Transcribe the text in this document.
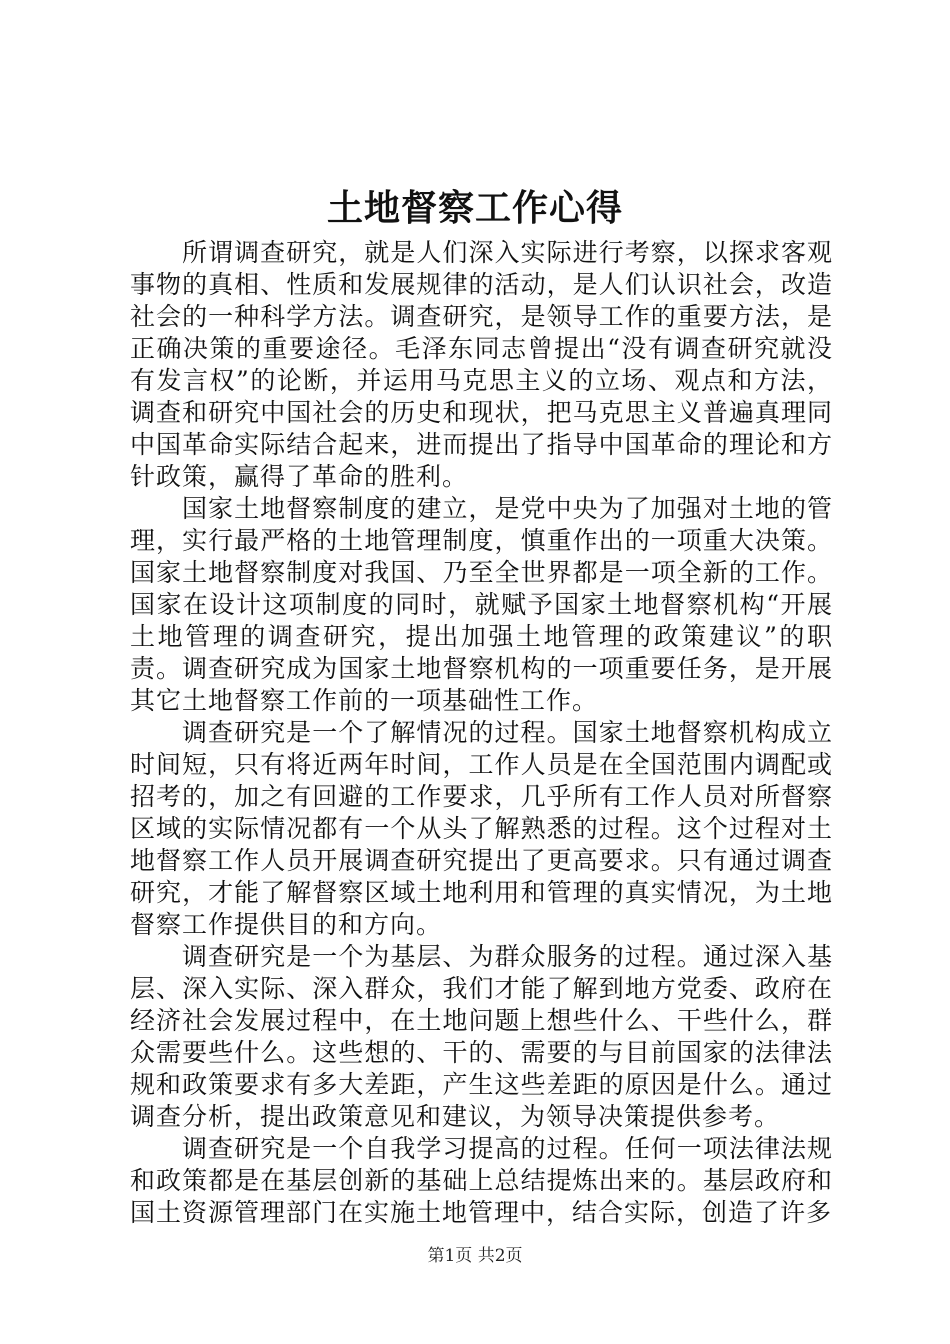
土地督察工作心得

所谓调查研究，就是人们深入实际进行考察，以探求客观事物的真相、性质和发展规律的活动，是人们认识社会，改造社会的一种科学方法。调查研究，是领导工作的重要方法，是正确决策的重要途径。毛泽东同志曾提出“没有调查研究就没有发言权”的论断，并运用马克思主义的立场、观点和方法，调查和研究中国社会的历史和现状，把马克思主义普遍真理同中国革命实际结合起来，进而提出了指导中国革命的理论和方针政策，赢得了革命的胜利。

国家土地督察制度的建立，是党中央为了加强对土地的管理，实行最严格的土地管理制度，慎重作出的一项重大决策。国家土地督察制度对我国、乃至全世界都是一项全新的工作。国家在设计这项制度的同时，就赋予国家土地督察机构“开展土地管理的调查研究，提出加强土地管理的政策建议”的职责。调查研究成为国家土地督察机构的一项重要任务，是开展其它土地督察工作前的一项基础性工作。

调查研究是一个了解情况的过程。国家土地督察机构成立时间短，只有将近两年时间，工作人员是在全国范围内调配或招考的，加之有回避的工作要求，几乎所有工作人员对所督察区域的实际情况都有一个从头了解熟悉的过程。这个过程对土地督察工作人员开展调查研究提出了更高要求。只有通过调查研究，才能了解督察区域土地利用和管理的真实情况，为土地督察工作提供目的和方向。

调查研究是一个为基层、为群众服务的过程。通过深入基层、深入实际、深入群众，我们才能了解到地方党委、政府在经济社会发展过程中，在土地问题上想些什么、干些什么，群众需要些什么。这些想的、干的、需要的与目前国家的法律法规和政策要求有多大差距，产生这些差距的原因是什么。通过调查分析，提出政策意见和建议，为领导决策提供参考。

调查研究是一个自我学习提高的过程。任何一项法律法规和政策都是在基层创新的基础上总结提炼出来的。基层政府和国土资源管理部门在实施土地管理中，结合实际，创造了许多

第1页 共2页
